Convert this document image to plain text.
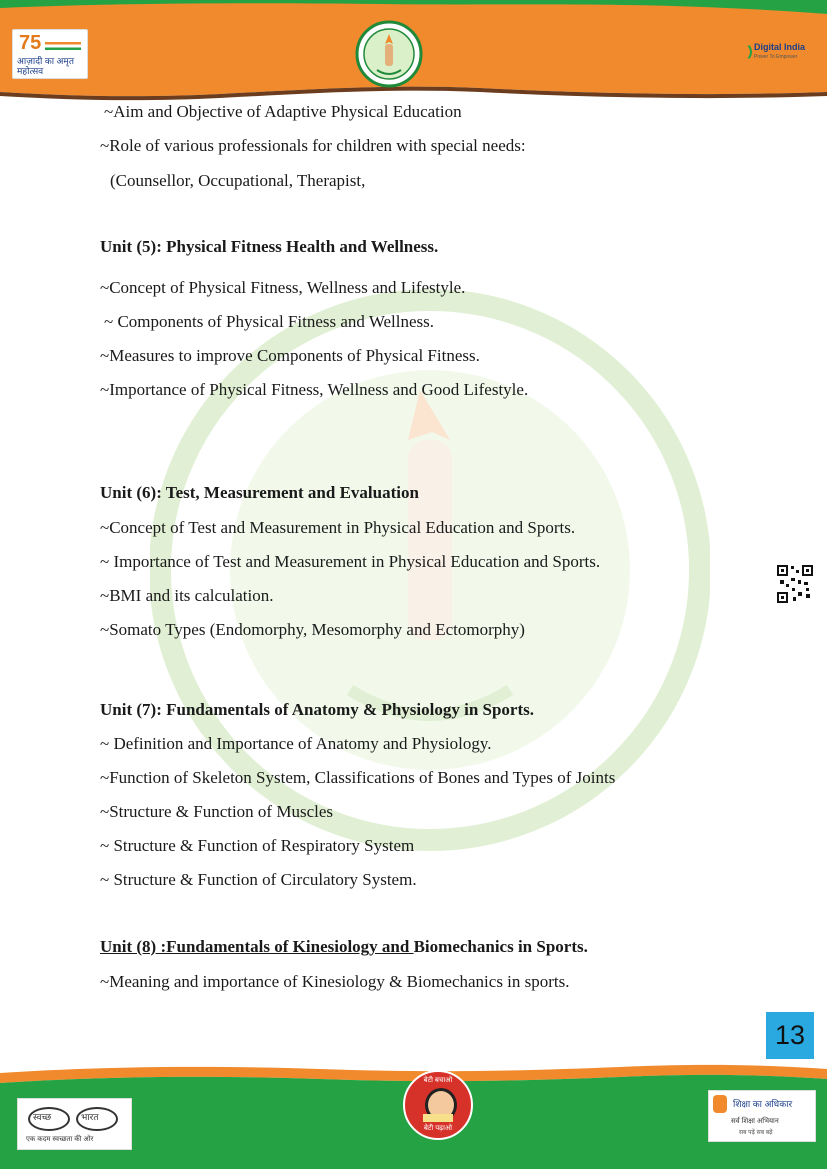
75
आज़ादी का अमृत महोत्सव
Digital India
Power To Empower
~Aim and Objective of Adaptive Physical Education
~Role of various professionals for children with special needs:
(Counsellor, Occupational, Therapist,
Unit (5): Physical Fitness Health and Wellness.
~Concept of Physical Fitness, Wellness and Lifestyle.
~ Components of Physical Fitness and Wellness.
~Measures to improve Components of Physical Fitness.
~Importance of Physical Fitness, Wellness and Good Lifestyle.
Unit (6): Test, Measurement and Evaluation
~Concept of Test and Measurement in Physical Education and Sports.
~ Importance of Test and Measurement in Physical Education and Sports.
~BMI and its calculation.
~Somato Types (Endomorphy, Mesomorphy and Ectomorphy)
Unit (7): Fundamentals of Anatomy & Physiology in Sports.
~ Definition and Importance of Anatomy and Physiology.
~Function of Skeleton System, Classifications of Bones and Types of Joints
~Structure & Function of Muscles
~ Structure & Function of Respiratory System
~ Structure & Function of Circulatory System.
Unit (8) :Fundamentals of Kinesiology and Biomechanics in Sports.
~Meaning and importance of Kinesiology & Biomechanics in sports.
13
स्वच्छ	भारत
एक कदम स्वच्छता की ओर
बेटी बचाओ
बेटी पढ़ाओ
शिक्षा का अधिकार
सर्व शिक्षा अभियान
सब पढ़ें सब बढ़ें
